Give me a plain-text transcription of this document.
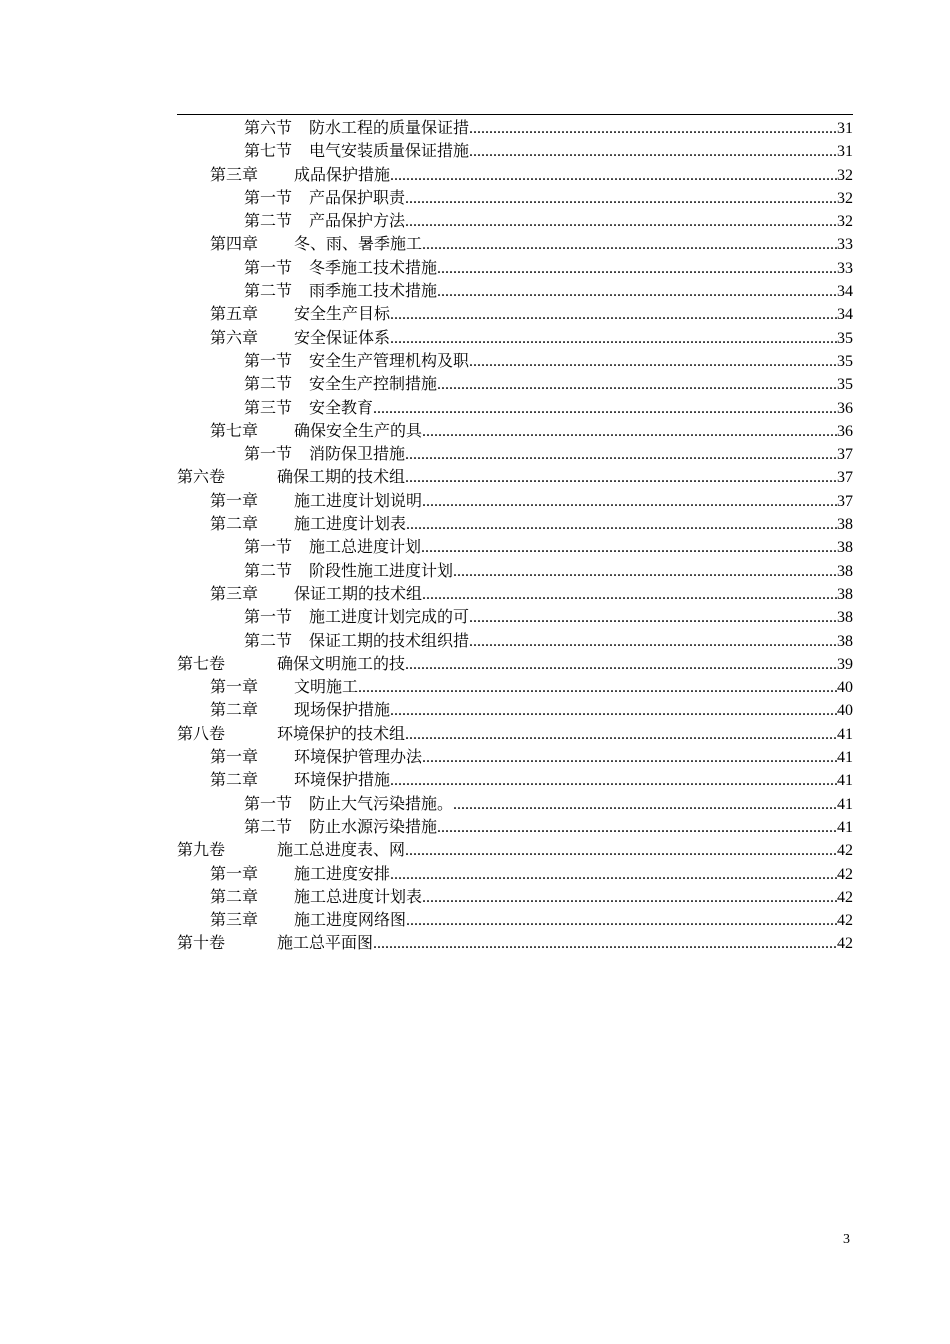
第六节	防水工程的质量保证措 .....	31
第七节	电气安装质量保证措施 .....	31
第三章	成品保护措施 .....	32
第一节	产品保护职责 .....	32
第二节	产品保护方法 .....	32
第四章	冬、雨、暑季施工 .....	33
第一节	冬季施工技术措施 .....	33
第二节	雨季施工技术措施 .....	34
第五章	安全生产目标 .....	34
第六章	安全保证体系 .....	35
第一节	安全生产管理机构及职 .....	35
第二节	安全生产控制措施 .....	35
第三节	安全教育 .....	36
第七章	确保安全生产的具 .....	36
第一节	消防保卫措施 .....	37
第六卷	确保工期的技术组 .....	37
第一章	施工进度计划说明 .....	37
第二章	施工进度计划表 .....	38
第一节	施工总进度计划 .....	38
第二节	阶段性施工进度计划 .....	38
第三章	保证工期的技术组 .....	38
第一节	施工进度计划完成的可 .....	38
第二节	保证工期的技术组织措 .....	38
第七卷	确保文明施工的技 .....	39
第一章	文明施工 .....	40
第二章	现场保护措施 .....	40
第八卷	环境保护的技术组 .....	41
第一章	环境保护管理办法 .....	41
第二章	环境保护措施 .....	41
第一节	防止大气污染措施。 .....	41
第二节	防止水源污染措施 .....	41
第九卷	施工总进度表、网 .....	42
第一章	施工进度安排 .....	42
第二章	施工总进度计划表 .....	42
第三章	施工进度网络图 .....	42
第十卷	施工总平面图 .....	42
3
